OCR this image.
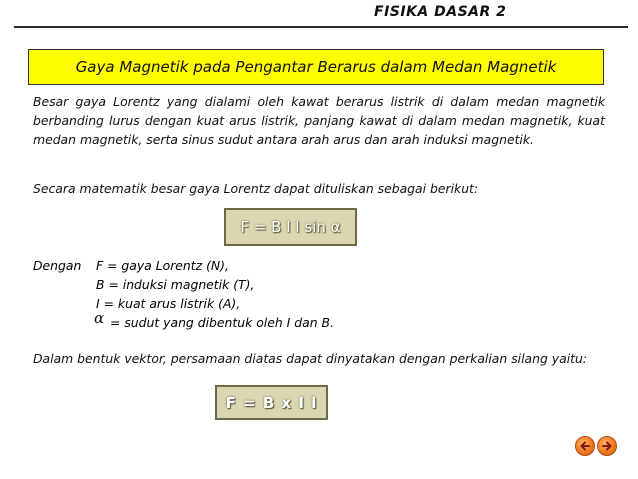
FISIKA DASAR 2
Gaya Magnetik pada Pengantar Berarus dalam Medan Magnetik

Besar gaya Lorentz yang dialami oleh kawat berarus listrik di dalam medan magnetik berbanding lurus dengan kuat arus listrik, panjang kawat di dalam medan magnetik, kuat medan magnetik, serta sinus sudut antara arah arus dan arah induksi magnetik.

Secara matematik besar gaya Lorentz dapat dituliskan sebagai berikut:

F = B I l sin α
Dengan F = gaya Lorentz (N),
B = induksi magnetik (T),
I = kuat arus listrik (A),
α = sudut yang dibentuk oleh I dan B.

Dalam bentuk vektor, persamaan diatas dapat dinyatakan dengan perkalian silang yaitu:

F = B x I l
